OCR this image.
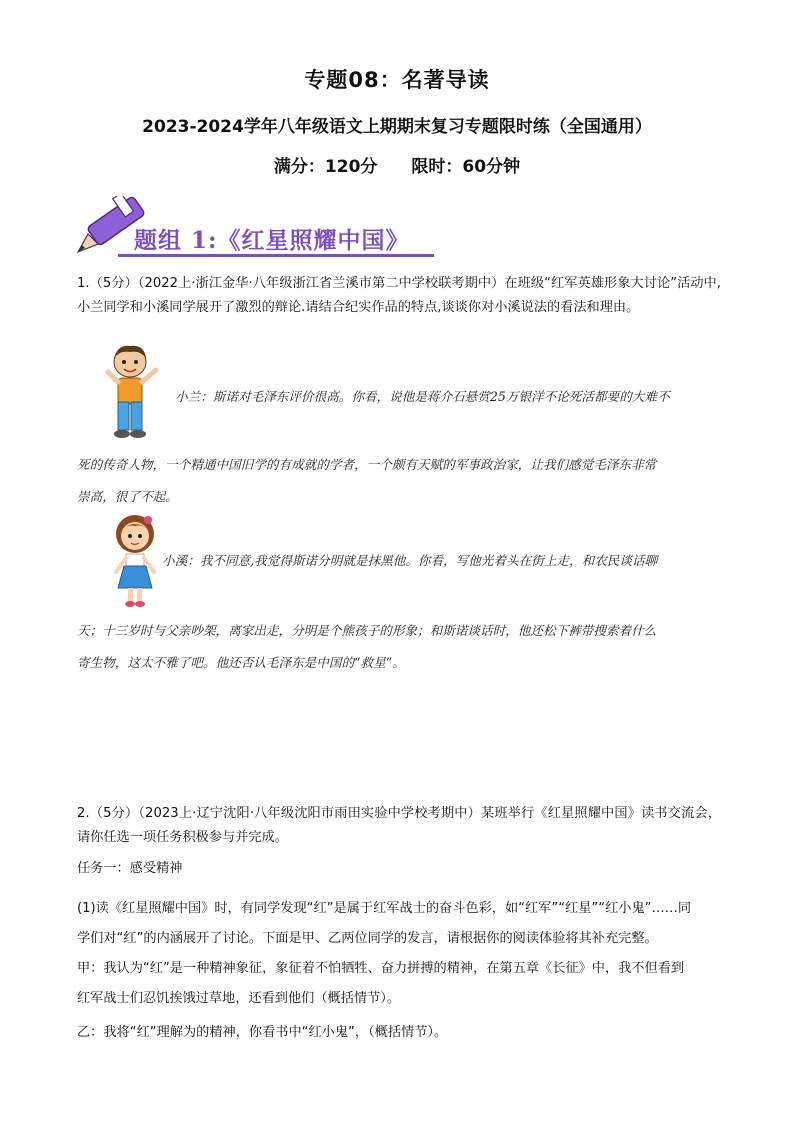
专题08：名著导读
2023-2024学年八年级语文上期期末复习专题限时练（全国通用）
满分：120分 限时：60分钟
题组 1:《红星照耀中国》
1.（5分）（2022上·浙江金华·八年级浙江省兰溪市第二中学校联考期中）在班级“红军英雄形象大讨论”活动中,小兰同学和小溪同学展开了激烈的辩论.请结合纪实作品的特点,谈谈你对小溪说法的看法和理由。
小兰：斯诺对毛泽东评价很高。你看，说他是蒋介石悬赏25万银洋不论死活都要的大难不
死的传奇人物，一个精通中国旧学的有成就的学者，一个颇有天赋的军事政治家，让我们感觉毛泽东非常
崇高，很了不起。
小溪：我不同意,我觉得斯诺分明就是抹黑他。你看，写他光着头在街上走，和农民谈话聊
天；十三岁时与父亲吵架，离家出走，分明是个熊孩子的形象；和斯诺谈话时，他还松下裤带搜索着什么
寄生物，这太不雅了吧。他还否认毛泽东是中国的“救星”。
2.（5分）（2023上·辽宁沈阳·八年级沈阳市雨田实验中学校考期中）某班举行《红星照耀中国》读书交流会，请你任选一项任务积极参与并完成。
任务一：感受精神
(1)读《红星照耀中国》时，有同学发现“红”是属于红军战士的奋斗色彩，如“红军”“红星”“红小鬼”……同
学们对“红”的内涵展开了讨论。下面是甲、乙两位同学的发言，请根据你的阅读体验将其补充完整。
甲：我认为“红”是一种精神象征，象征着不怕牺牲、奋力拼搏的精神，在第五章《长征》中，我不但看到
红军战士们忍饥挨饿过草地，还看到他们（概括情节）。
乙：我将“红”理解为的精神，你看书中“红小鬼”，（概括情节）。
